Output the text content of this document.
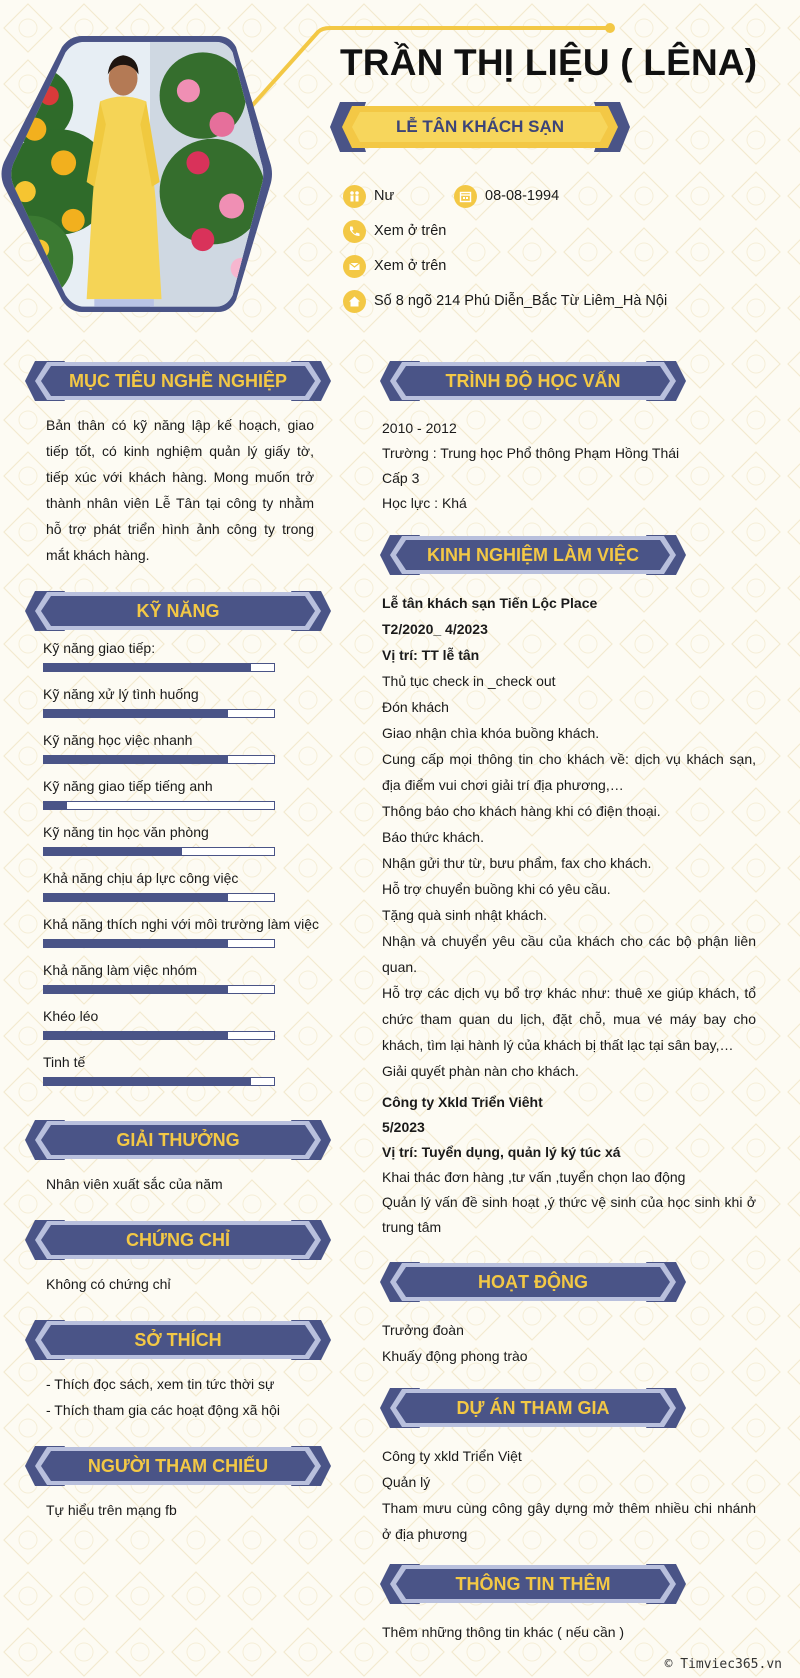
TRẦN THỊ LIỆU ( LÊNA)
LỄ TÂN KHÁCH SẠN
Nư	08-08-1994
Xem ở trên
Xem ở trên
Số 8 ngõ 214 Phú Diễn_Bắc Từ Liêm_Hà Nội
MỤC TIÊU NGHỀ NGHIỆP
Bản thân có kỹ năng lập kế hoạch, giao tiếp tốt, có kinh nghiệm quản lý giấy tờ, tiếp xúc với khách hàng. Mong muốn trở thành nhân viên Lễ Tân tại công ty nhằm hỗ trợ phát triển hình ảnh công ty trong mắt khách hàng.
KỸ NĂNG
Kỹ năng giao tiếp:
Kỹ năng xử lý tình huống
Kỹ năng học việc nhanh
Kỹ năng giao tiếp tiếng anh
Kỹ năng tin học văn phòng
Khả năng chịu áp lực công việc
Khả năng thích nghi với môi trường làm việc
Khả năng làm việc nhóm
Khéo léo
Tinh tế
GIẢI THƯỞNG
Nhân viên xuất sắc của năm
CHỨNG CHỈ
Không có chứng chỉ
SỞ THÍCH
- Thích đọc sách, xem tin tức thời sự
- Thích tham gia các hoạt động xã hội
NGƯỜI THAM CHIẾU
Tự hiểu trên mạng fb
TRÌNH ĐỘ HỌC VẤN
2010 - 2012
Trường : Trung học Phổ thông Phạm Hồng Thái
Cấp 3
Học lực : Khá
KINH NGHIỆM LÀM VIỆC
Lễ tân khách sạn Tiến Lộc Place
T2/2020_ 4/2023
Vị trí: TT lễ tân
Thủ tục check in _check out
Đón khách
Giao nhận chìa khóa buồng khách.
Cung cấp mọi thông tin cho khách về: dịch vụ khách sạn, địa điểm vui chơi giải trí địa phương,…
Thông báo cho khách hàng khi có điện thoại.
Báo thức khách.
Nhận gửi thư từ, bưu phẩm, fax cho khách.
Hỗ trợ chuyển buồng khi có yêu cầu.
Tặng quà sinh nhật khách.
Nhận và chuyển yêu cầu của khách cho các bộ phận liên quan.
Hỗ trợ các dịch vụ bổ trợ khác như: thuê xe giúp khách, tổ chức tham quan du lịch, đặt chỗ, mua vé máy bay cho khách, tìm lại hành lý của khách bị thất lạc tại sân bay,…
Giải quyết phàn nàn cho khách.
Công ty Xkld Triển Viêht
5/2023
Vị trí: Tuyển dụng, quản lý ký túc xá
Khai thác đơn hàng ,tư vấn ,tuyển chọn lao động
Quản lý vấn đề sinh hoạt ,ý thức vệ sinh của học sinh khi ở trung tâm
HOẠT ĐỘNG
Trưởng đoàn
Khuấy động phong trào
DỰ ÁN THAM GIA
Công ty xkld Triển Việt
Quản lý
Tham mưu cùng công gây dựng mở thêm nhiều chi nhánh ở địa phương
THÔNG TIN THÊM
Thêm những thông tin khác ( nếu cần )
© Timviec365.vn
